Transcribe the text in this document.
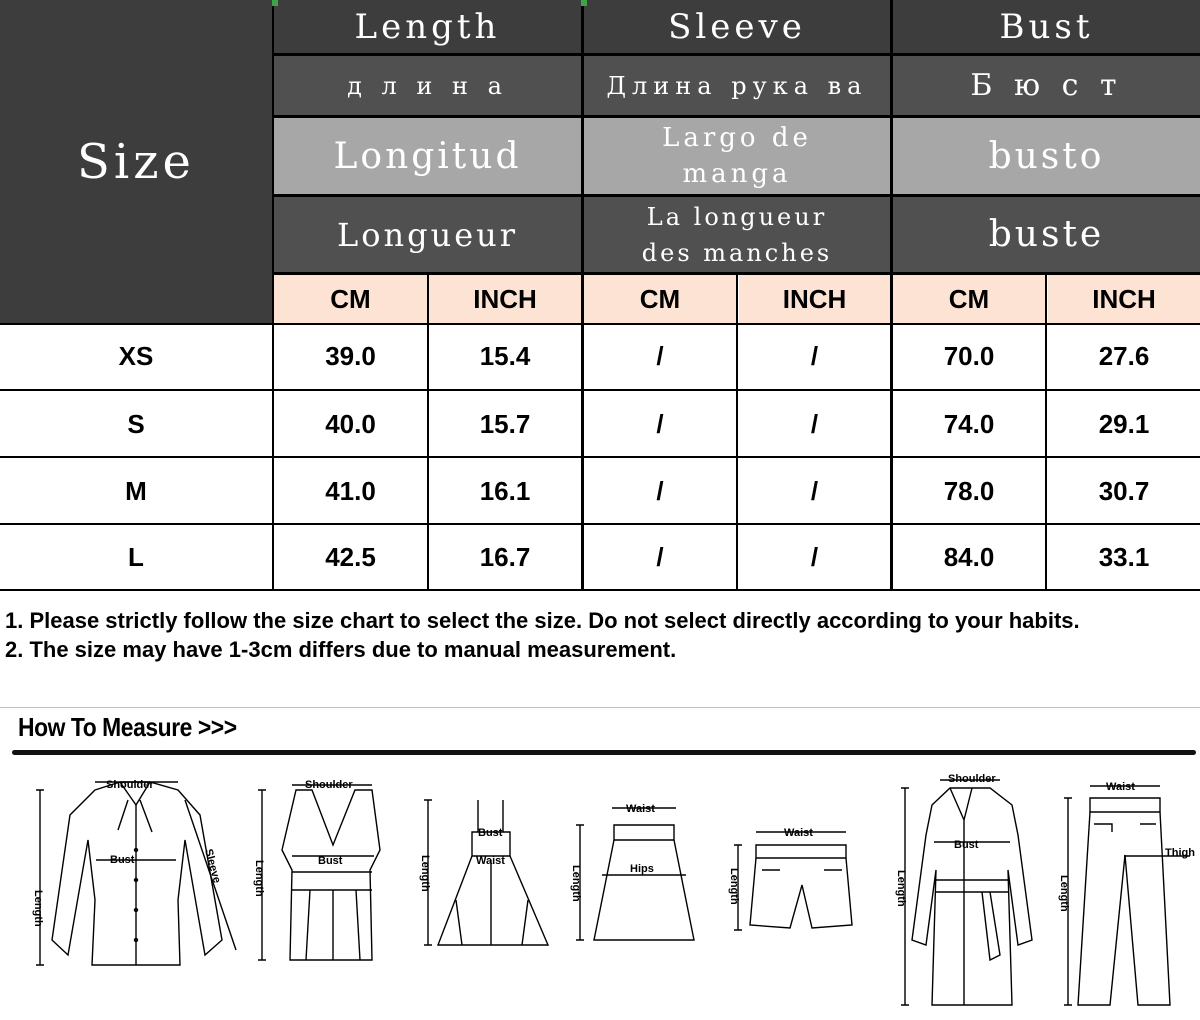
Size
Length	Sleeve	Bust
д л и н а	Длина рука ва	Б ю с т
Longitud	Largo de manga	busto
Longueur	La longueur des manches	buste
CM	INCH	CM	INCH	CM	INCH
XS	39.0	15.4	/	/	70.0	27.6
S	40.0	15.7	/	/	74.0	29.1
M	41.0	16.1	/	/	78.0	30.7
L	42.5	16.7	/	/	84.0	33.1
1. Please strictly follow the size chart to select the size. Do not select directly according to your habits.
2. The size may have 1-3cm differs due to manual measurement.
How To Measure >>>
Shoulder
Bust
Length
Sleeve
Shoulder
Bust
Length
Bust
Waist
Length
Waist
Hips
Length
Waist
Length
Shoulder
Bust
Length
Waist
Thigh
Length
